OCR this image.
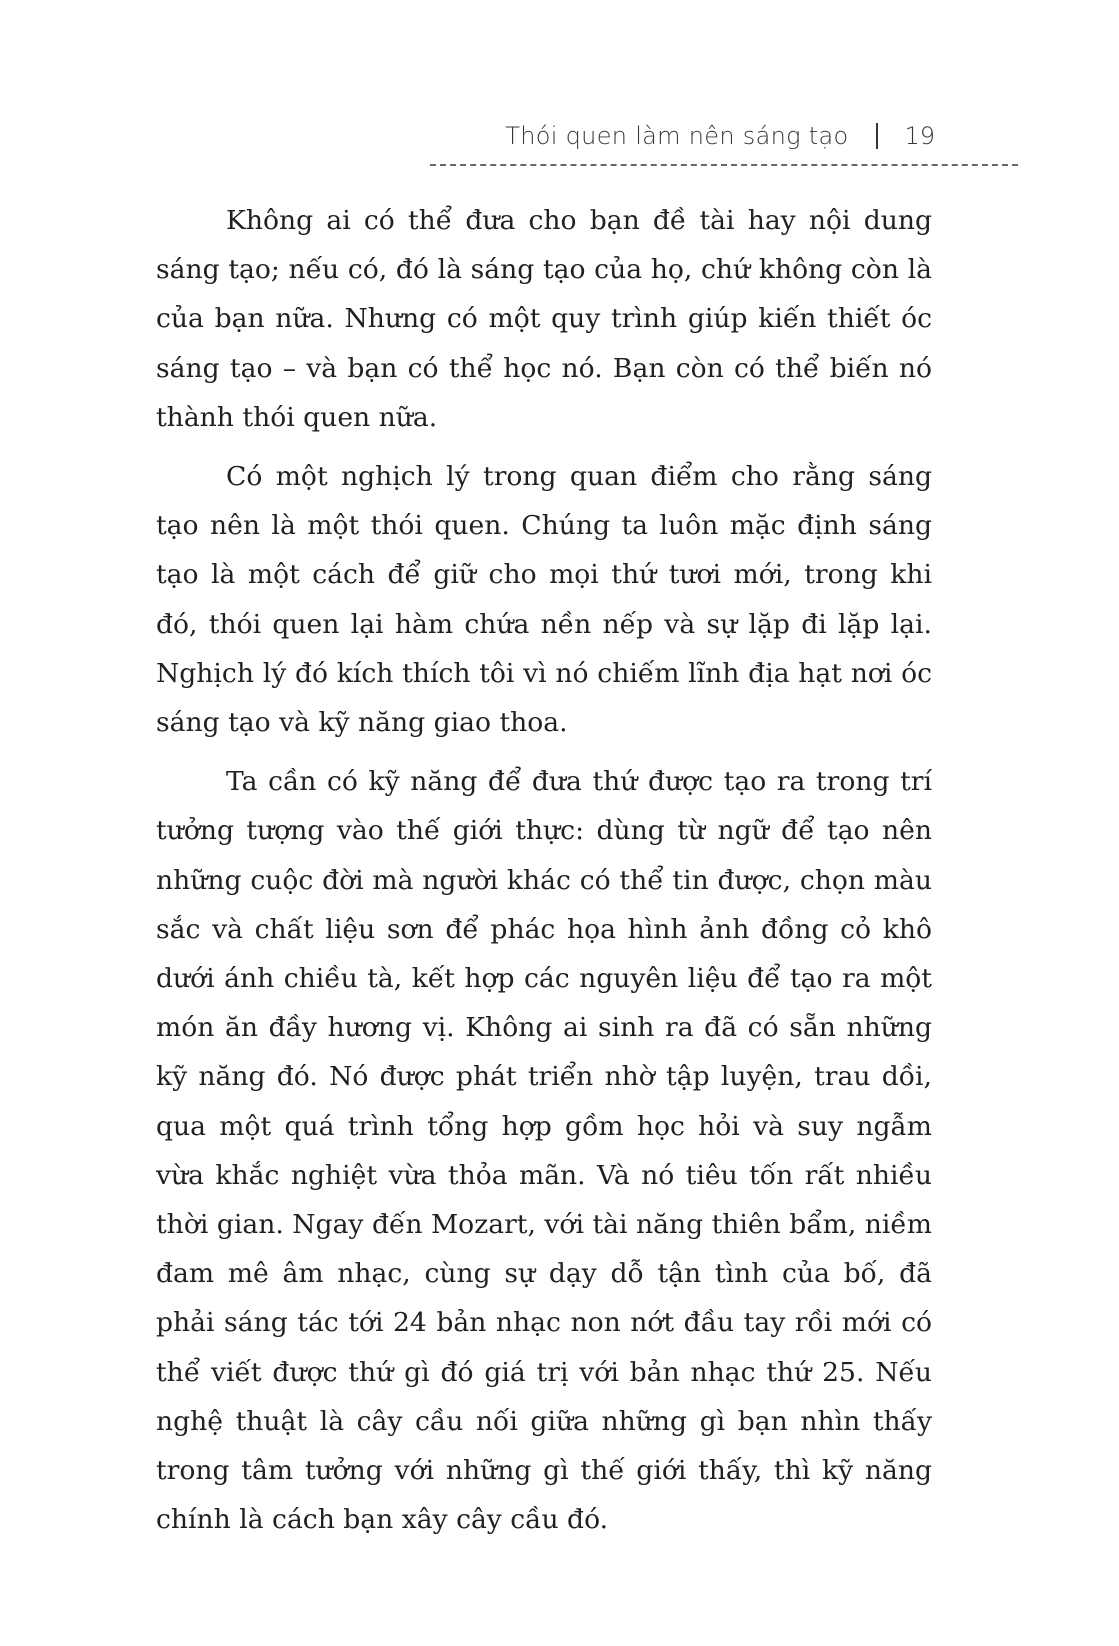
Thói quen làm nên sáng tạo 19

Không ai có thể đưa cho bạn đề tài hay nội dung sáng tạo; nếu có, đó là sáng tạo của họ, chứ không còn là của bạn nữa. Nhưng có một quy trình giúp kiến thiết óc sáng tạo – và bạn có thể học nó. Bạn còn có thể biến nó thành thói quen nữa.

Có một nghịch lý trong quan điểm cho rằng sáng tạo nên là một thói quen. Chúng ta luôn mặc định sáng tạo là một cách để giữ cho mọi thứ tươi mới, trong khi đó, thói quen lại hàm chứa nền nếp và sự lặp đi lặp lại. Nghịch lý đó kích thích tôi vì nó chiếm lĩnh địa hạt nơi óc sáng tạo và kỹ năng giao thoa.

Ta cần có kỹ năng để đưa thứ được tạo ra trong trí tưởng tượng vào thế giới thực: dùng từ ngữ để tạo nên những cuộc đời mà người khác có thể tin được, chọn màu sắc và chất liệu sơn để phác họa hình ảnh đồng cỏ khô dưới ánh chiều tà, kết hợp các nguyên liệu để tạo ra một món ăn đầy hương vị. Không ai sinh ra đã có sẵn những kỹ năng đó. Nó được phát triển nhờ tập luyện, trau dồi, qua một quá trình tổng hợp gồm học hỏi và suy ngẫm vừa khắc nghiệt vừa thỏa mãn. Và nó tiêu tốn rất nhiều thời gian. Ngay đến Mozart, với tài năng thiên bẩm, niềm đam mê âm nhạc, cùng sự dạy dỗ tận tình của bố, đã phải sáng tác tới 24 bản nhạc non nớt đầu tay rồi mới có thể viết được thứ gì đó giá trị với bản nhạc thứ 25. Nếu nghệ thuật là cây cầu nối giữa những gì bạn nhìn thấy trong tâm tưởng với những gì thế giới thấy, thì kỹ năng chính là cách bạn xây cây cầu đó.
